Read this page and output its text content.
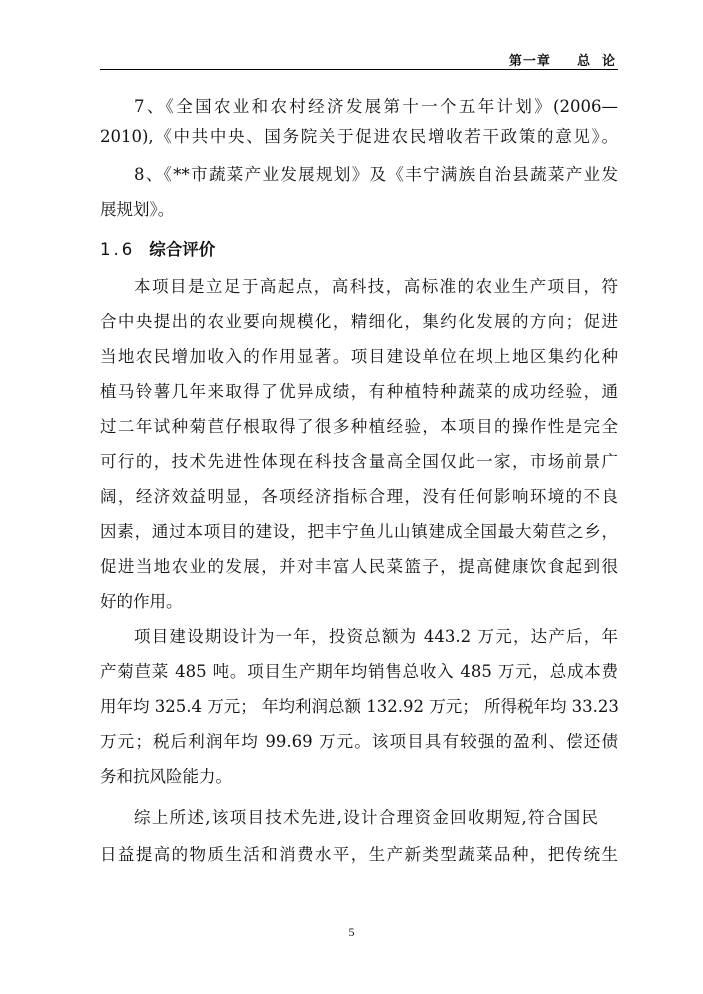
第一章 总  论
7、《全国农业和农村经济发展第十一个五年计划》(2006—
2010),《中共中央、国务院关于促进农民增收若干政策的意见》。
8、《**市蔬菜产业发展规划》及《丰宁满族自治县蔬菜产业发
展规划》。
1.6 综合评价
本项目是立足于高起点，高科技，高标准的农业生产项目，符
合中央提出的农业要向规模化，精细化，集约化发展的方向；促进
当地农民增加收入的作用显著。项目建设单位在坝上地区集约化种
植马铃薯几年来取得了优异成绩，有种植特种蔬菜的成功经验，通
过二年试种菊苣仔根取得了很多种植经验，本项目的操作性是完全
可行的，技术先进性体现在科技含量高全国仅此一家，市场前景广
阔，经济效益明显，各项经济指标合理，没有任何影响环境的不良
因素，通过本项目的建设，把丰宁鱼儿山镇建成全国最大菊苣之乡，
促进当地农业的发展，并对丰富人民菜篮子，提高健康饮食起到很
好的作用。
项目建设期设计为一年，投资总额为 443.2 万元，达产后，年
产菊苣菜 485 吨。项目生产期年均销售总收入 485 万元，总成本费
用年均 325.4 万元； 年均利润总额 132.92 万元； 所得税年均 33.23
万元；税后利润年均 99.69 万元。该项目具有较强的盈利、偿还债
务和抗风险能力。
综上所述,该项目技术先进,设计合理资金回收期短,符合国民
日益提高的物质生活和消费水平，生产新类型蔬菜品种，把传统生
5
